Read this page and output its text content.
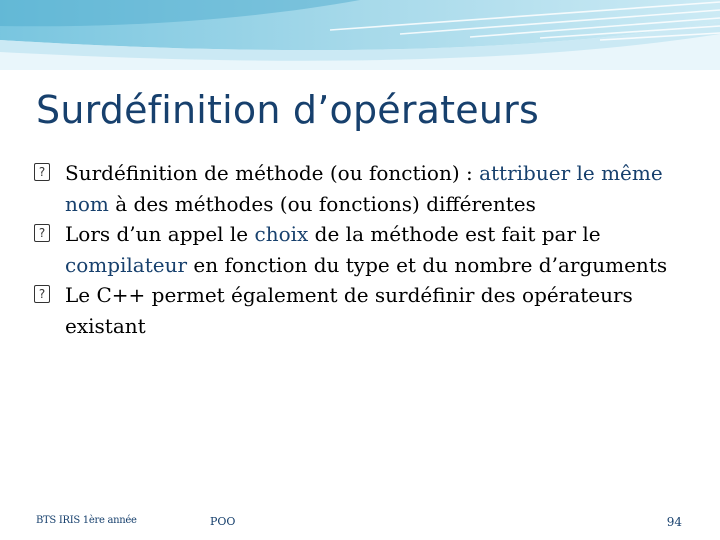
Surdéfinition d’opérateurs
? Surdéfinition de méthode (ou fonction) : attribuer le même nom à des méthodes (ou fonctions) différentes
? Lors d’un appel le choix de la méthode est fait par le compilateur en fonction du type et du nombre d’arguments
? Le C++ permet également de surdéfinir des opérateurs existant
BTS IRIS 1ère année	POO	94
